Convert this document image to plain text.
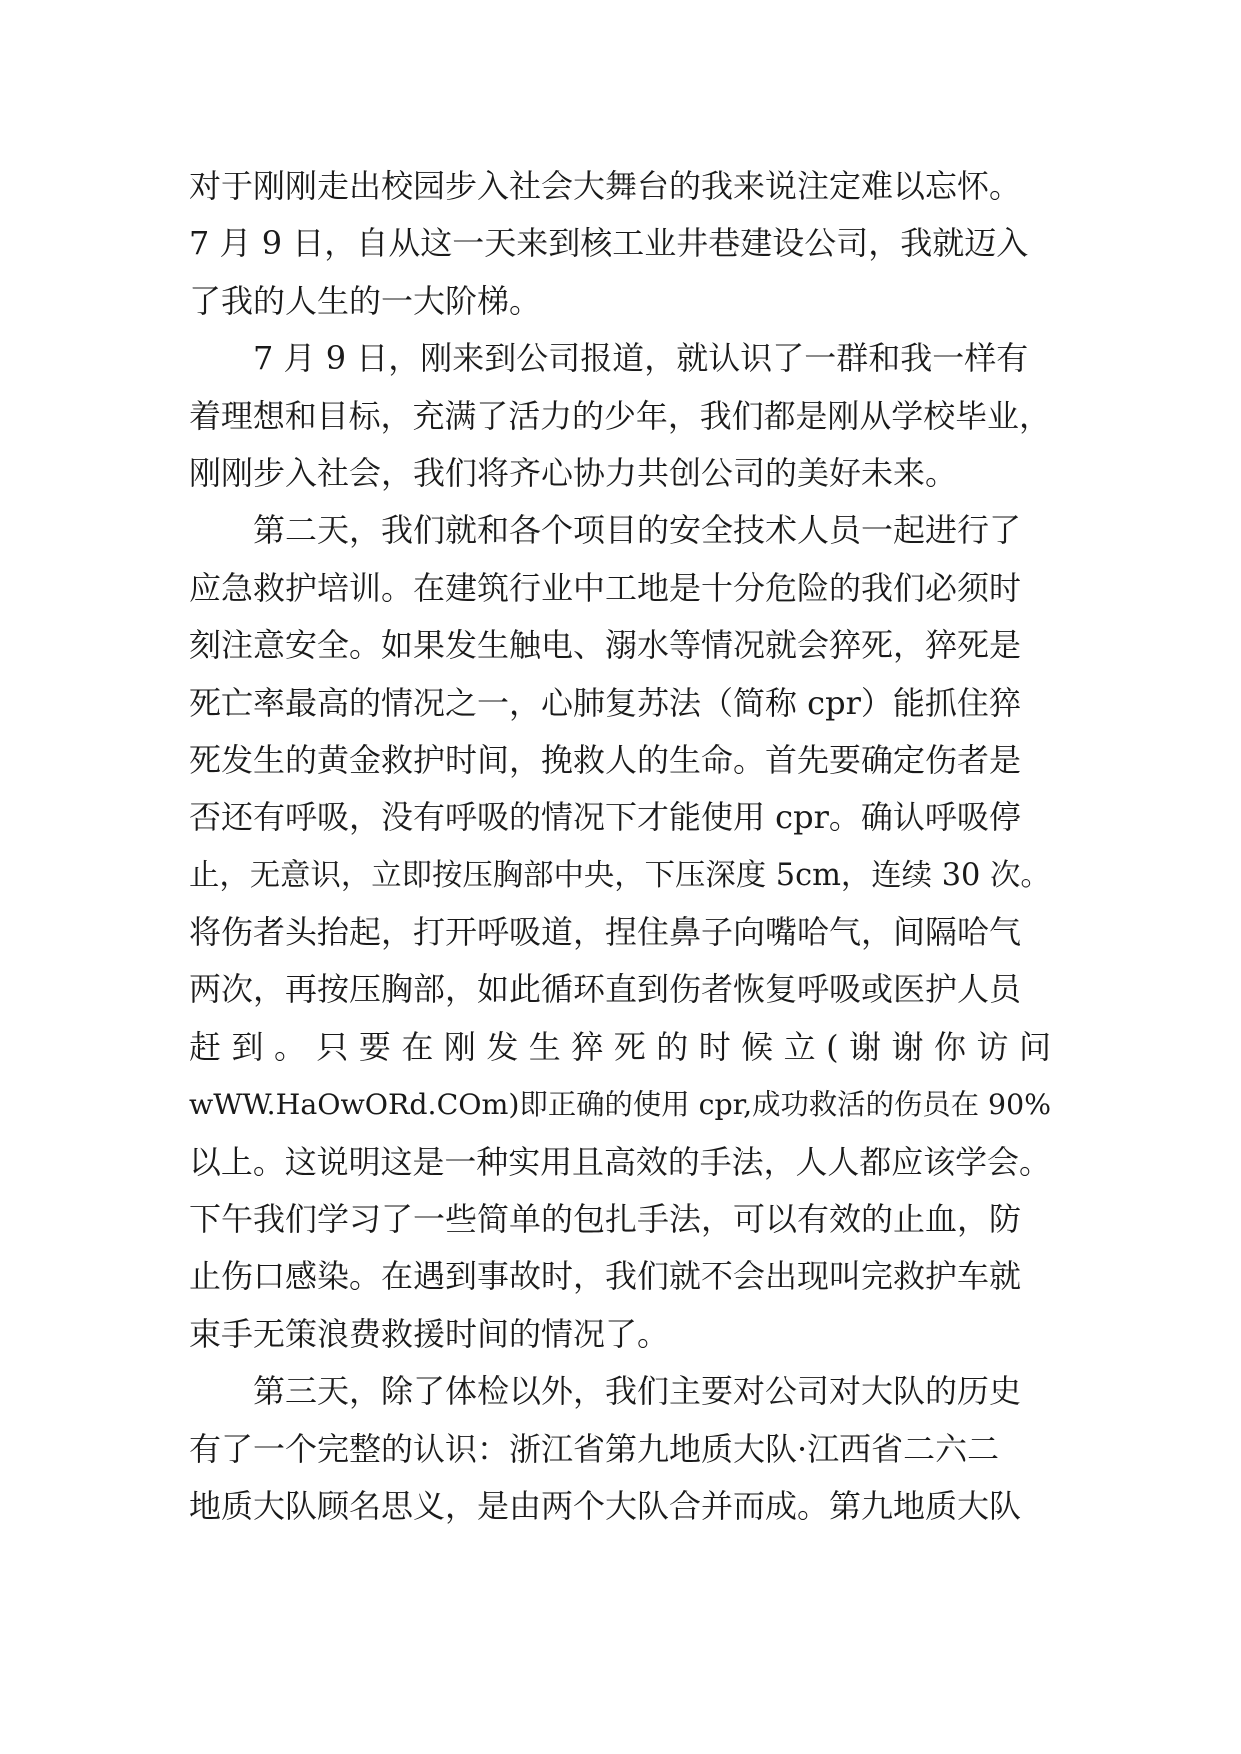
对于刚刚走出校园步入社会大舞台的我来说注定难以忘怀。
7 月 9 日，自从这一天来到核工业井巷建设公司，我就迈入
了我的人生的一大阶梯。
7 月 9 日，刚来到公司报道，就认识了一群和我一样有
着理想和目标，充满了活力的少年，我们都是刚从学校毕业，
刚刚步入社会，我们将齐心协力共创公司的美好未来。
第二天，我们就和各个项目的安全技术人员一起进行了
应急救护培训。在建筑行业中工地是十分危险的我们必须时
刻注意安全。如果发生触电、溺水等情况就会猝死，猝死是
死亡率最高的情况之一，心肺复苏法（简称 cpr）能抓住猝
死发生的黄金救护时间，挽救人的生命。首先要确定伤者是
否还有呼吸，没有呼吸的情况下才能使用 cpr。确认呼吸停
止，无意识，立即按压胸部中央，下压深度 5cm，连续 30 次。
将伤者头抬起，打开呼吸道，捏住鼻子向嘴哈气，间隔哈气
两次，再按压胸部，如此循环直到伤者恢复呼吸或医护人员
赶到。只要在刚发生猝死的时候立(谢谢你访问
wWW.HaOwORd.COm)即正确的使用 cpr,成功救活的伤员在 90%
以上。这说明这是一种实用且高效的手法，人人都应该学会。
下午我们学习了一些简单的包扎手法，可以有效的止血，防
止伤口感染。在遇到事故时，我们就不会出现叫完救护车就
束手无策浪费救援时间的情况了。
第三天，除了体检以外，我们主要对公司对大队的历史
有了一个完整的认识：浙江省第九地质大队·江西省二六二
地质大队顾名思义，是由两个大队合并而成。第九地质大队
